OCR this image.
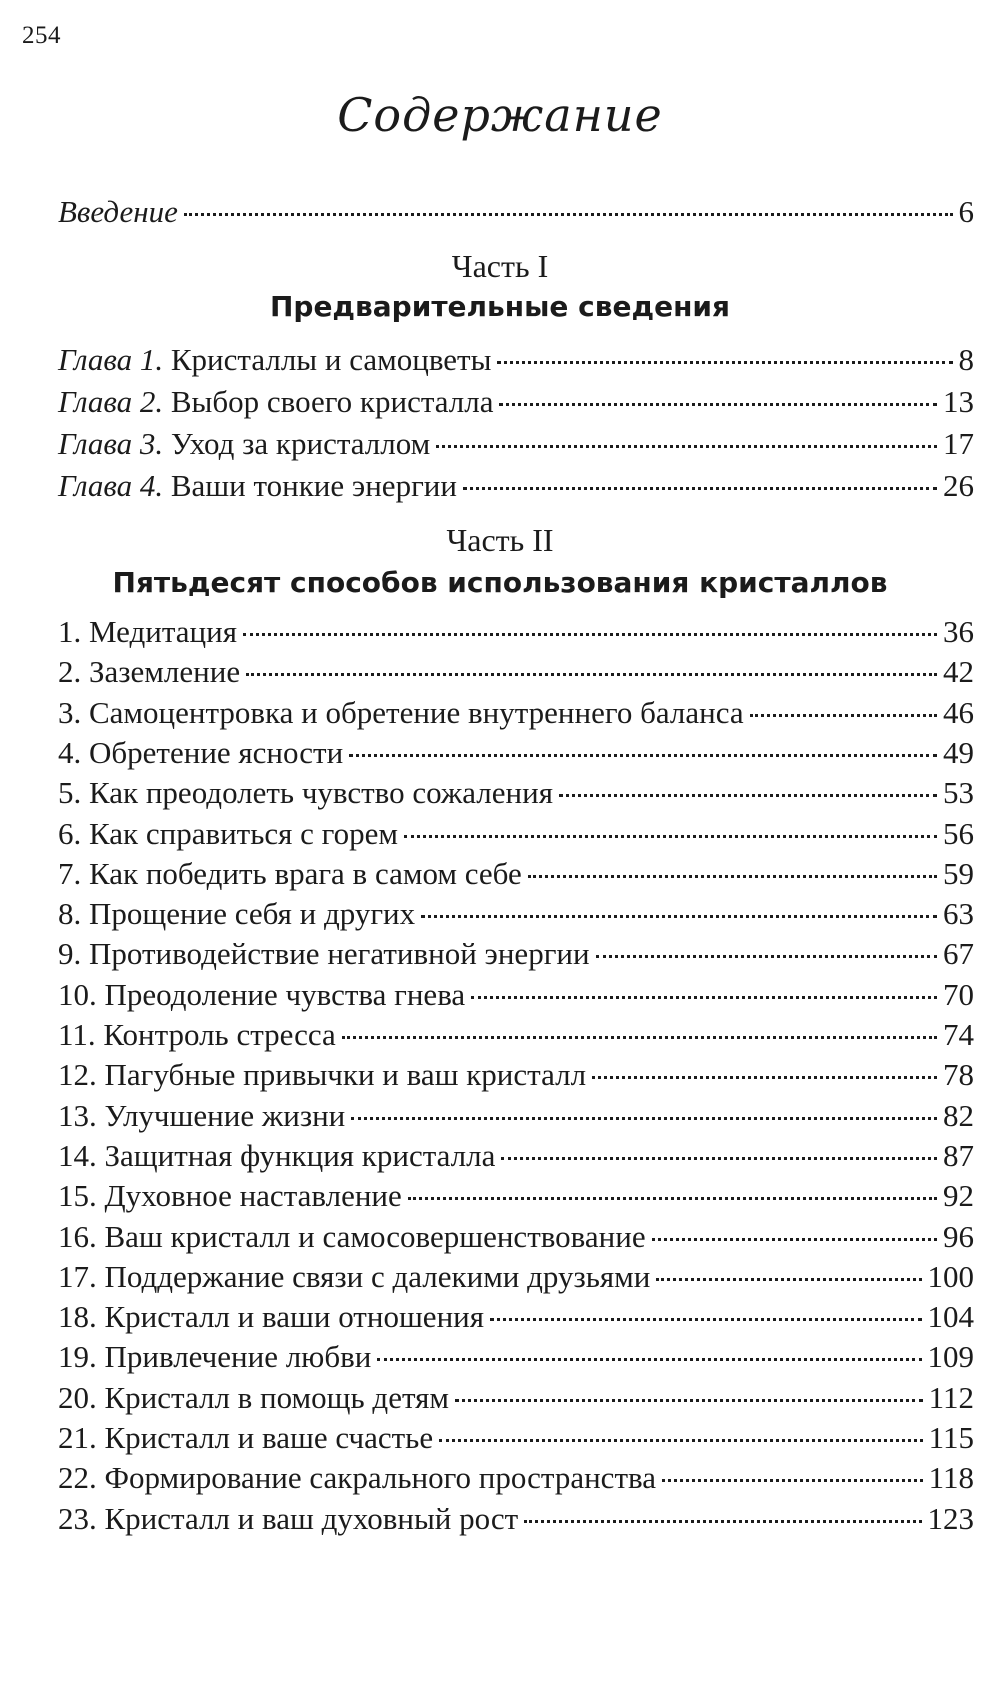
254
Содержание
Введение	6
Часть I
Предварительные сведения
Глава 1. Кристаллы и самоцветы	8
Глава 2. Выбор своего кристалла	13
Глава 3. Уход за кристаллом	17
Глава 4. Ваши тонкие энергии	26
Часть II
Пятьдесят способов использования кристаллов
1. Медитация	36
2. Заземление	42
3. Самоцентровка и обретение внутреннего баланса	46
4. Обретение ясности	49
5. Как преодолеть чувство сожаления	53
6. Как справиться с горем	56
7. Как победить врага в самом себе	59
8. Прощение себя и других	63
9. Противодействие негативной энергии	67
10. Преодоление чувства гнева	70
11. Контроль стресса	74
12. Пагубные привычки и ваш кристалл	78
13. Улучшение жизни	82
14. Защитная функция кристалла	87
15. Духовное наставление	92
16. Ваш кристалл и самосовершенствование	96
17. Поддержание связи с далекими друзьями	100
18. Кристалл и ваши отношения	104
19. Привлечение любви	109
20. Кристалл в помощь детям	112
21. Кристалл и ваше счастье	115
22. Формирование сакрального пространства	118
23. Кристалл и ваш духовный рост	123
